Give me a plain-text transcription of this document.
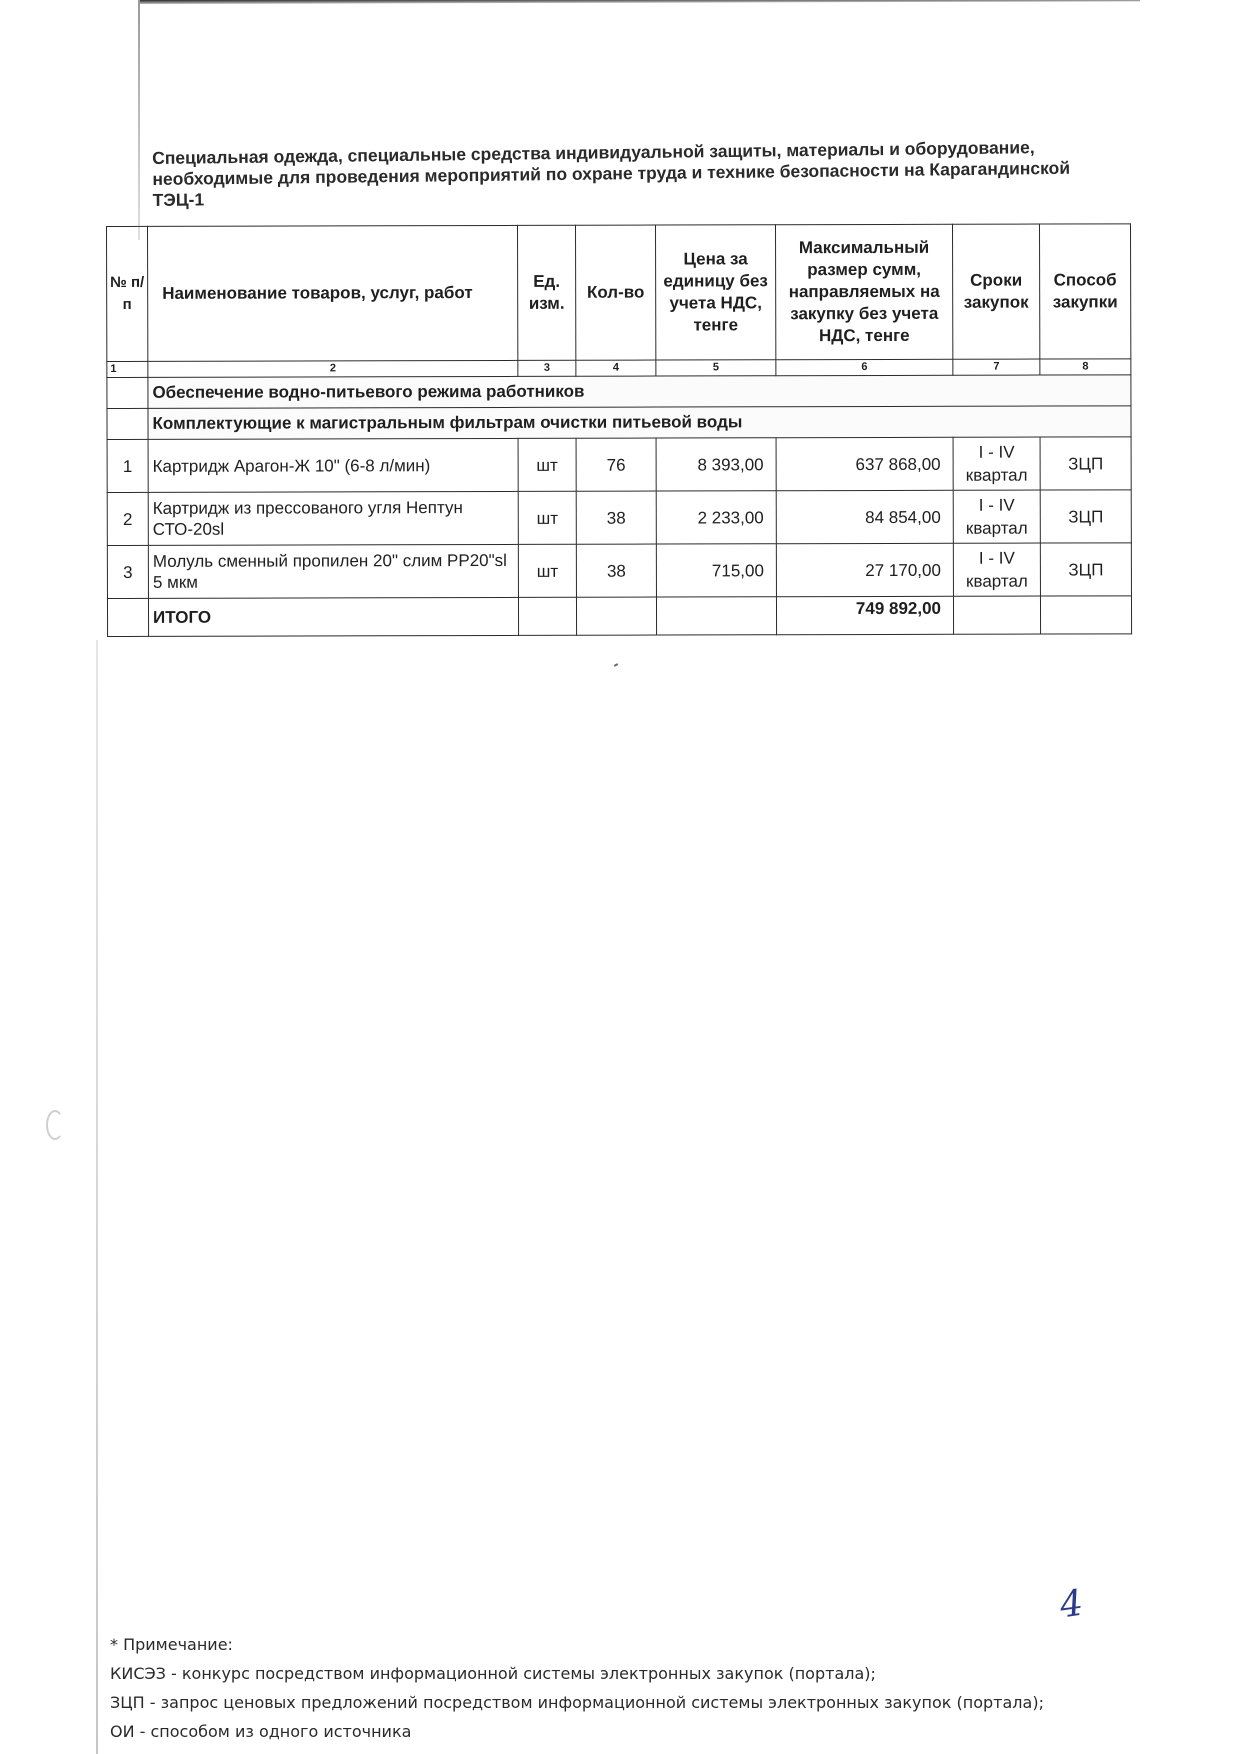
Специальная одежда, специальные средства индивидуальной защиты, материалы и оборудование, необходимые для проведения мероприятий по охране труда и технике безопасности на Карагандинской ТЭЦ-1
№ п/п	Наименование товаров, услуг, работ	Ед. изм.	Кол-во	Цена за единицу без учета НДС, тенге	Максимальный размер сумм, направляемых на закупку без учета НДС, тенге	Сроки закупок	Способ закупки
1	2	3	4	5	6	7	8
	Обеспечение водно-питьевого режима работников						
	Комплектующие к магистральным фильтрам очистки питьевой воды						
1	Картридж Арагон-Ж 10" (6-8 л/мин)	шт	76	8 393,00	637 868,00	I - IV квартал	ЗЦП
2	Картридж из прессованого угля Нептун СТО-20sl	шт	38	2 233,00	84 854,00	I - IV квартал	ЗЦП
3	Молуль сменный пропилен 20" слим PP20"sl 5 мкм	шт	38	715,00	27 170,00	I - IV квартал	ЗЦП
	ИТОГО				749 892,00		
4

* Примечание:

КИСЭЗ - конкурс посредством информационной системы электронных закупок (портала);

ЗЦП - запрос ценовых предложений посредством информационной системы электронных закупок (портала);

ОИ - способом из одного источника
